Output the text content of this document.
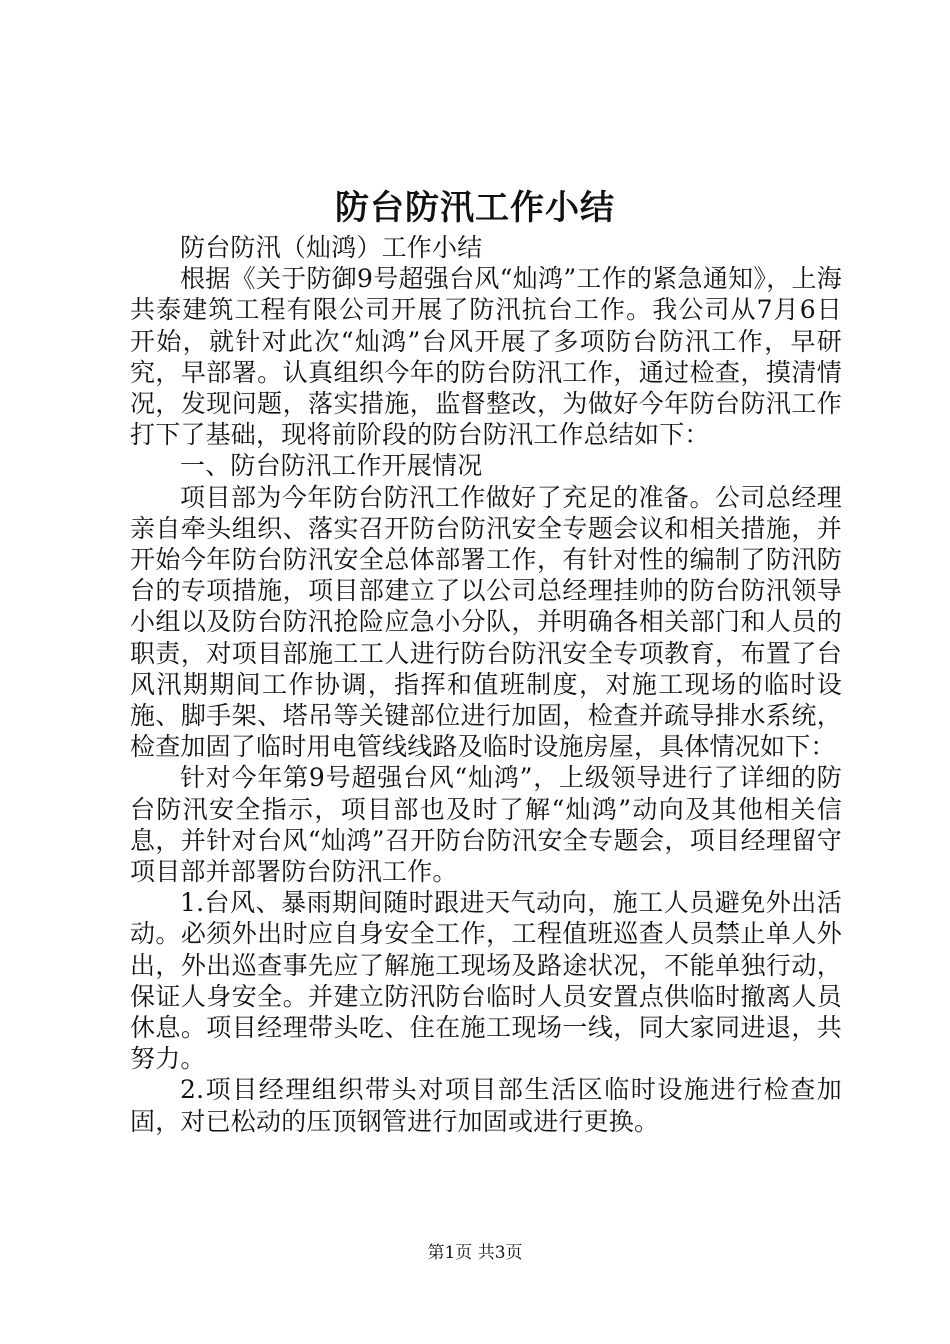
防台防汛工作小结

防台防汛（灿鸿）工作小结

根据《关于防御9号超强台风“灿鸿”工作的紧急通知》，上海共泰建筑工程有限公司开展了防汛抗台工作。我公司从7月6日开始，就针对此次“灿鸿”台风开展了多项防台防汛工作，早研究，早部署。认真组织今年的防台防汛工作，通过检查，摸清情况，发现问题，落实措施，监督整改，为做好今年防台防汛工作打下了基础，现将前阶段的防台防汛工作总结如下：

一、防台防汛工作开展情况

项目部为今年防台防汛工作做好了充足的准备。公司总经理亲自牵头组织、落实召开防台防汛安全专题会议和相关措施，并开始今年防台防汛安全总体部署工作，有针对性的编制了防汛防台的专项措施，项目部建立了以公司总经理挂帅的防台防汛领导小组以及防台防汛抢险应急小分队，并明确各相关部门和人员的职责，对项目部施工工人进行防台防汛安全专项教育，布置了台风汛期期间工作协调，指挥和值班制度，对施工现场的临时设施、脚手架、塔吊等关键部位进行加固，检查并疏导排水系统，检查加固了临时用电管线线路及临时设施房屋，具体情况如下：

针对今年第9号超强台风“灿鸿”，上级领导进行了详细的防台防汛安全指示，项目部也及时了解“灿鸿”动向及其他相关信息，并针对台风“灿鸿”召开防台防汛安全专题会，项目经理留守项目部并部署防台防汛工作。

1.台风、暴雨期间随时跟进天气动向，施工人员避免外出活动。必须外出时应自身安全工作，工程值班巡查人员禁止单人外出，外出巡查事先应了解施工现场及路途状况，不能单独行动，保证人身安全。并建立防汛防台临时人员安置点供临时撤离人员休息。项目经理带头吃、住在施工现场一线，同大家同进退，共努力。

2.项目经理组织带头对项目部生活区临时设施进行检查加固，对已松动的压顶钢管进行加固或进行更换。

第1页 共3页
